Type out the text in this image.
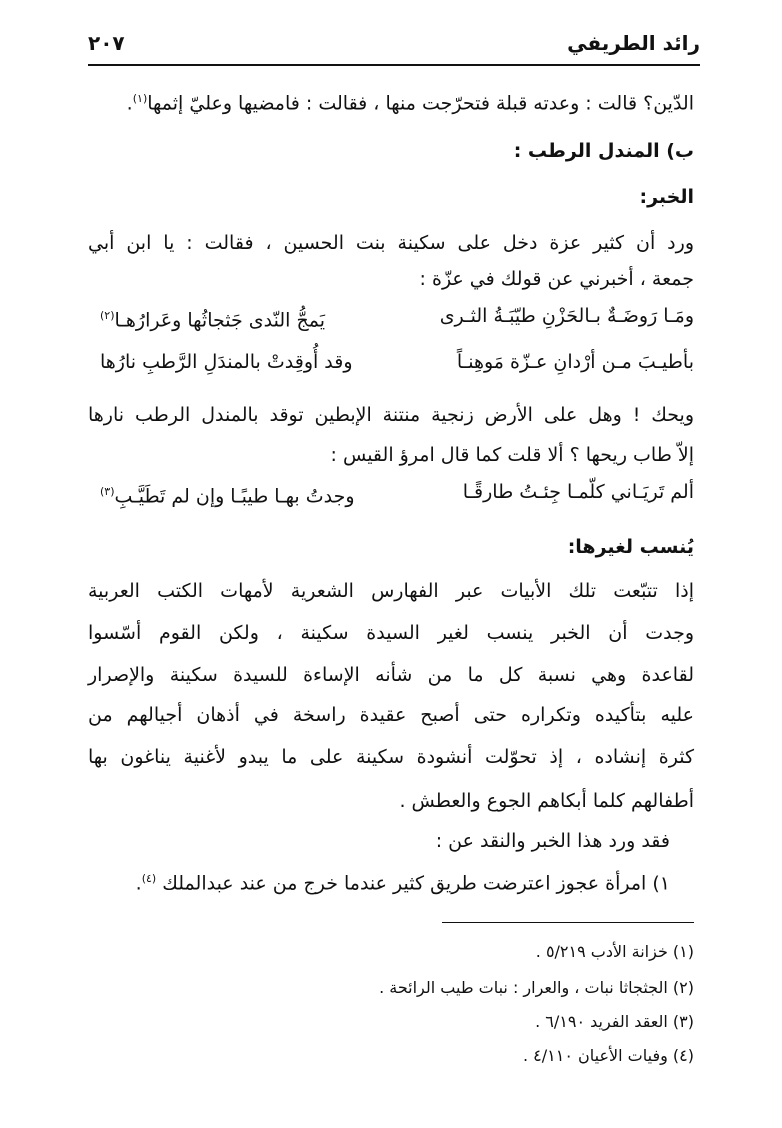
رائد الطريفي
٢٠٧
الدّين؟ قالت : وعدته قبلة فتحرّجت منها ، فقالت : فامضيها وعليّ إثمها$^{(١)}$.
ب) المندل الرطب :
الخبر:
ورد أن كثير عزة دخل على سكينة بنت الحسين ، فقالت : يا ابن أبي
جمعة ، أخبرني عن قولك في عزّة :
ومَـا رَوضَـةٌ بـالحَزْنِ طيّبَـةُ الثـرى
يَمجُّ النّدى جَثجاثُها وعَرارُهـا$^{(٢)}$
بأطيـبَ مـن أرْدانِ عـزّة مَوهِنـاً
وقد أُوقِدتْ بالمندَلِ الرَّطبِ نارُها
ويحك ! وهل على الأرض زنجية منتنة الإبطين توقد بالمندل الرطب نارها
إلاّ طاب ريحها ؟ ألا قلت كما قال امرؤ القيس :
ألم تَريَـاني كلّمـا جِئـتُ طارقًـا
وجدتُ بهـا طيبًـا وإن لم تَطَيَّـبِ$^{(٣)}$
يُنسب لغيرها:
إذا تتبّعت تلك الأبيات عبر الفهارس الشعرية لأمهات الكتب العربية
وجدت أن الخبر ينسب لغير السيدة سكينة ، ولكن القوم أسّسوا
لقاعدة وهي نسبة كل ما من شأنه الإساءة للسيدة سكينة والإصرار
عليه بتأكيده وتكراره حتى أصبح عقيدة راسخة في أذهان أجيالهم من
كثرة إنشاده ، إذ تحوّلت أنشودة سكينة على ما يبدو لأغنية يناغون بها
أطفالهم كلما أبكاهم الجوع والعطش .
فقد ورد هذا الخبر والنقد عن :
١) امرأة عجوز اعترضت طريق كثير عندما خرج من عند عبدالملك $^{(٤)}$.
(١) خزانة الأدب ٥/٢١٩ .
(٢) الجثجاثا نبات ، والعرار : نبات طيب الرائحة .
(٣) العقد الفريد ٦/١٩٠ .
(٤) وفيات الأعيان ٤/١١٠ .
